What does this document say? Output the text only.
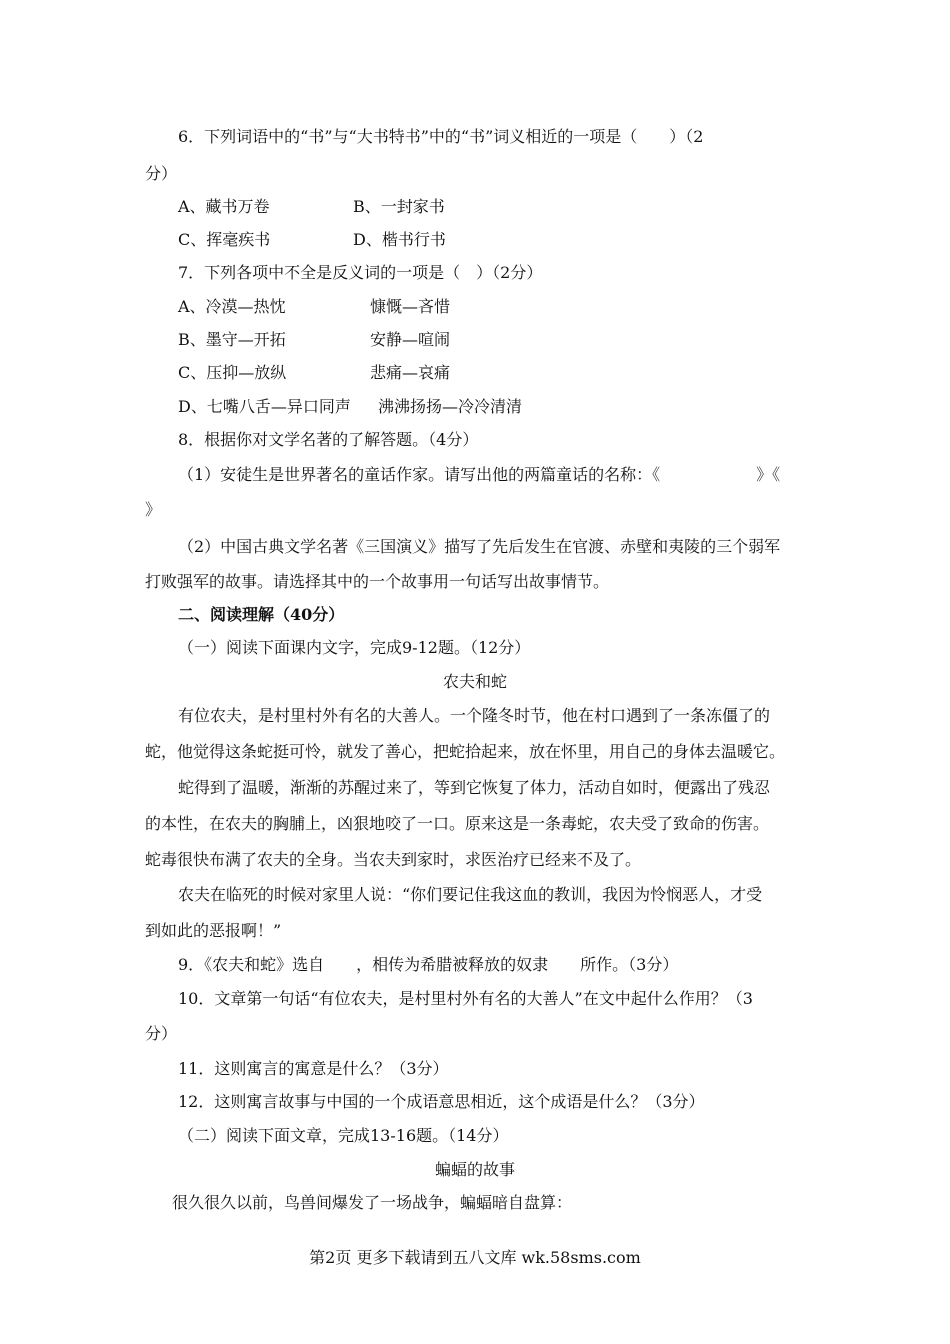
6．下列词语中的“书”与“大书特书”中的“书”词义相近的一项是（　　）（2
分）
A、藏书万卷	B、一封家书
C、挥毫疾书	D、楷书行书
7．下列各项中不全是反义词的一项是（　）（2分）
A、冷漠—热忱	慷慨—吝惜
B、墨守—开拓	安静—喧闹
C、压抑—放纵	悲痛—哀痛
D、七嘴八舌—异口同声 沸沸扬扬—冷冷清清
8．根据你对文学名著的了解答题。（4分）
（1）安徒生是世界著名的童话作家。请写出他的两篇童话的名称：《　　　　　　》《
》
（2）中国古典文学名著《三国演义》描写了先后发生在官渡、赤壁和夷陵的三个弱军
打败强军的故事。请选择其中的一个故事用一句话写出故事情节。
二、阅读理解（40分）
（一）阅读下面课内文字，完成9-12题。（12分）
农夫和蛇
有位农夫，是村里村外有名的大善人。一个隆冬时节，他在村口遇到了一条冻僵了的
蛇，他觉得这条蛇挺可怜，就发了善心，把蛇拾起来，放在怀里，用自己的身体去温暖它。
蛇得到了温暖，渐渐的苏醒过来了，等到它恢复了体力，活动自如时，便露出了残忍
的本性，在农夫的胸脯上，凶狠地咬了一口。原来这是一条毒蛇，农夫受了致命的伤害。
蛇毒很快布满了农夫的全身。当农夫到家时，求医治疗已经来不及了。
农夫在临死的时候对家里人说：“你们要记住我这血的教训，我因为怜悯恶人，才受
到如此的恶报啊！”
9．《农夫和蛇》选自　　，相传为希腊被释放的奴隶　　所作。（3分）
10．文章第一句话“有位农夫，是村里村外有名的大善人”在文中起什么作用？（3
分）
11．这则寓言的寓意是什么？（3分）
12．这则寓言故事与中国的一个成语意思相近，这个成语是什么？（3分）
（二）阅读下面文章，完成13-16题。（14分）
蝙蝠的故事
很久很久以前，鸟兽间爆发了一场战争，蝙蝠暗自盘算：
第2页 更多下载请到五八文库 wk.58sms.com
